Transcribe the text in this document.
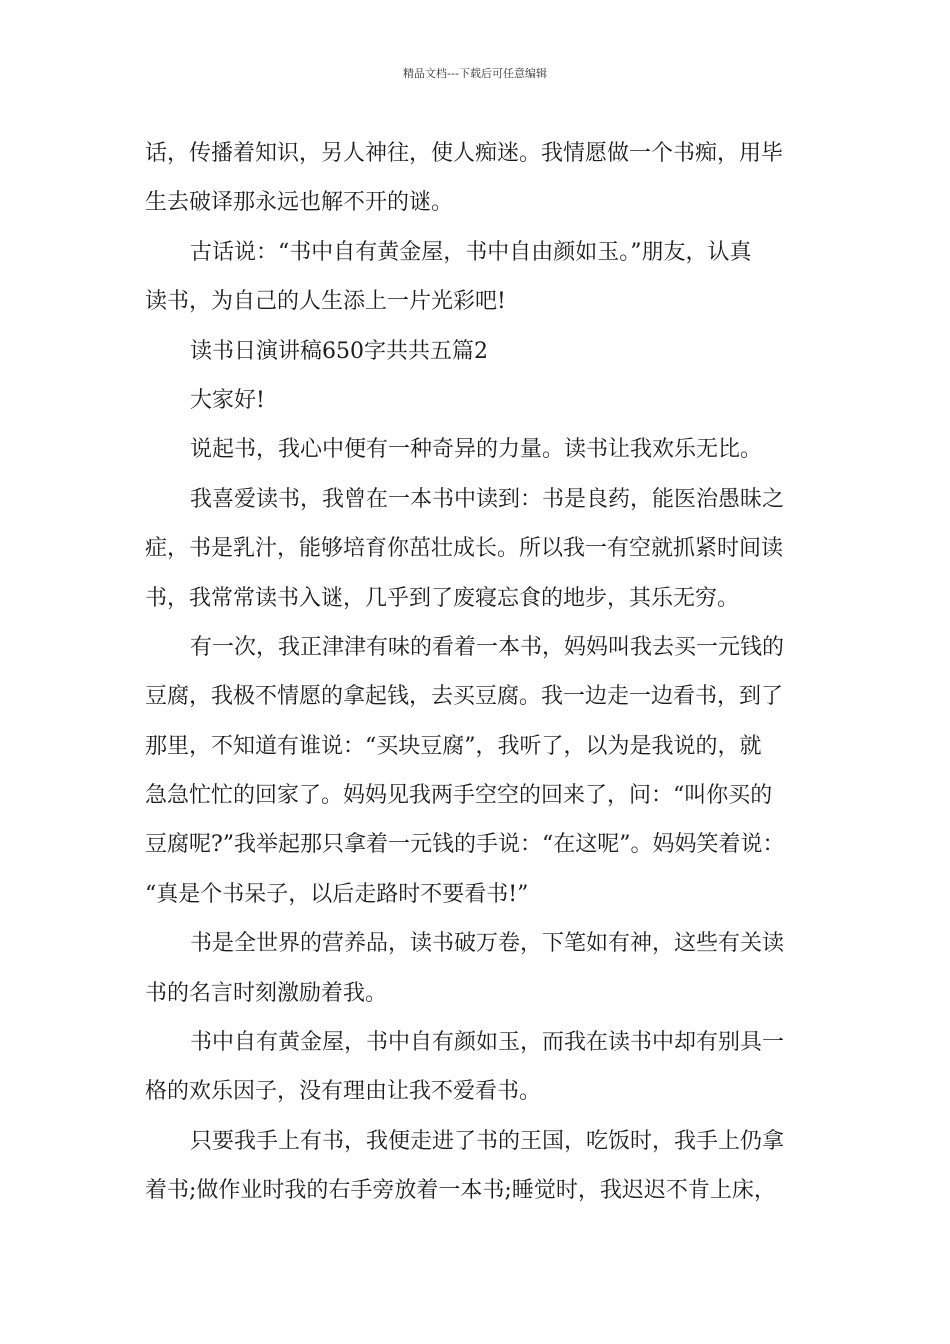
精品文档---下载后可任意编辑
话，传播着知识，另人神往，使人痴迷。我情愿做一个书痴，用毕
生去破译那永远也解不开的谜。
古话说：“书中自有黄金屋，书中自由颜如玉。”朋友，认真
读书，为自己的人生添上一片光彩吧!
读书日演讲稿650字共共五篇2
大家好!
说起书，我心中便有一种奇异的力量。读书让我欢乐无比。
我喜爱读书，我曾在一本书中读到：书是良药，能医治愚昧之
症，书是乳汁，能够培育你茁壮成长。所以我一有空就抓紧时间读
书，我常常读书入谜，几乎到了废寝忘食的地步，其乐无穷。
有一次，我正津津有味的看着一本书，妈妈叫我去买一元钱的
豆腐，我极不情愿的拿起钱，去买豆腐。我一边走一边看书，到了
那里，不知道有谁说：“买块豆腐”，我听了，以为是我说的，就
急急忙忙的回家了。妈妈见我两手空空的回来了，问：“叫你买的
豆腐呢?”我举起那只拿着一元钱的手说：“在这呢”。妈妈笑着说：
“真是个书呆子，以后走路时不要看书!”
书是全世界的营养品，读书破万卷，下笔如有神，这些有关读
书的名言时刻激励着我。
书中自有黄金屋，书中自有颜如玉，而我在读书中却有别具一
格的欢乐因子，没有理由让我不爱看书。
只要我手上有书，我便走进了书的王国，吃饭时，我手上仍拿
着书;做作业时我的右手旁放着一本书;睡觉时，我迟迟不肯上床，
